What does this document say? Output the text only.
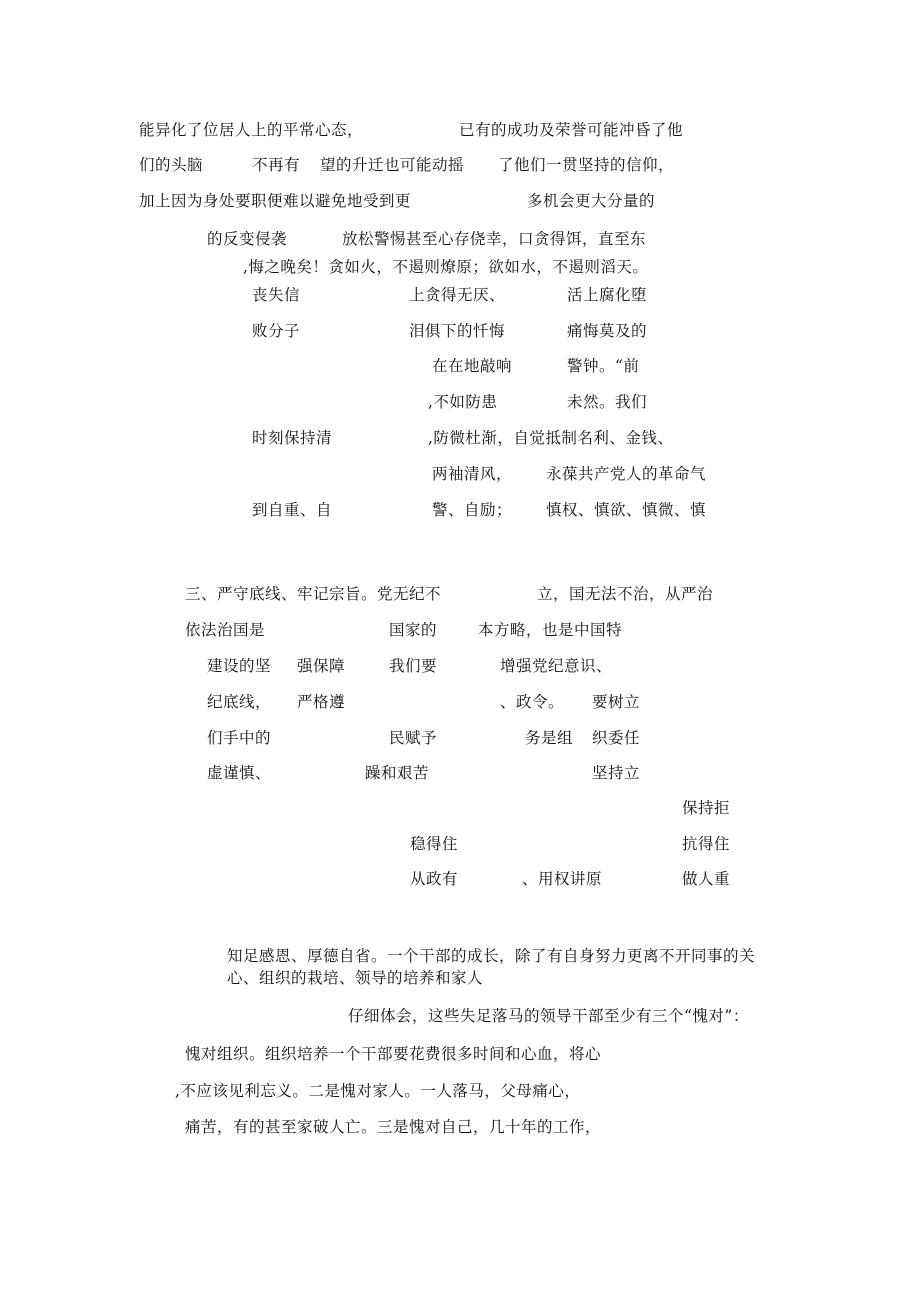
能异化了位居人上的平常心态，	已有的成功及荣誉可能冲昏了他
们的头脑	不再有 望的升迁也可能动摇 了他们一贯坚持的信仰，
加上因为身处要职便难以避免地受到更	多机会更大分量的
的反变侵袭	放松警惕甚至心存侥幸，口贪得饵，直至东
,悔之晚矣！贪如火，不遏则燎原；欲如水，不遏则滔天。
丧失信	上贪得无厌、	活上腐化堕
败分子	泪俱下的忏悔	痛悔莫及的
在在地敲响	警钟。“前
,不如防患	未然。我们
时刻保持清	,防微杜渐，自觉抵制名利、金钱、
两袖清风， 永葆共产党人的革命气
到自重、自	警、自励； 慎权、慎欲、慎微、慎
三、严守底线、牢记宗旨。党无纪不	立，国无法不治，从严治
依法治国是	国家的	本方略，也是中国特
建设的坚 强保障	我们要	增强党纪意识、
纪底线， 严格遵	、政令。 要树立
们手中的	民赋予	务是组 织委任
虚谨慎、	躁和艰苦	坚持立
保持拒
稳得住	抗得住
从政有	、用权讲原	做人重
知足感恩、厚德自省。一个干部的成长，除了有自身努力更离不开同事的关
心、组织的栽培、领导的培养和家人
仔细体会，这些失足落马的领导干部至少有三个“愧对”：
愧对组织。组织培养一个干部要花费很多时间和心血，将心
,不应该见利忘义。二是愧对家人。一人落马，父母痛心，
痛苦，有的甚至家破人亡。三是愧对自己，几十年的工作，
